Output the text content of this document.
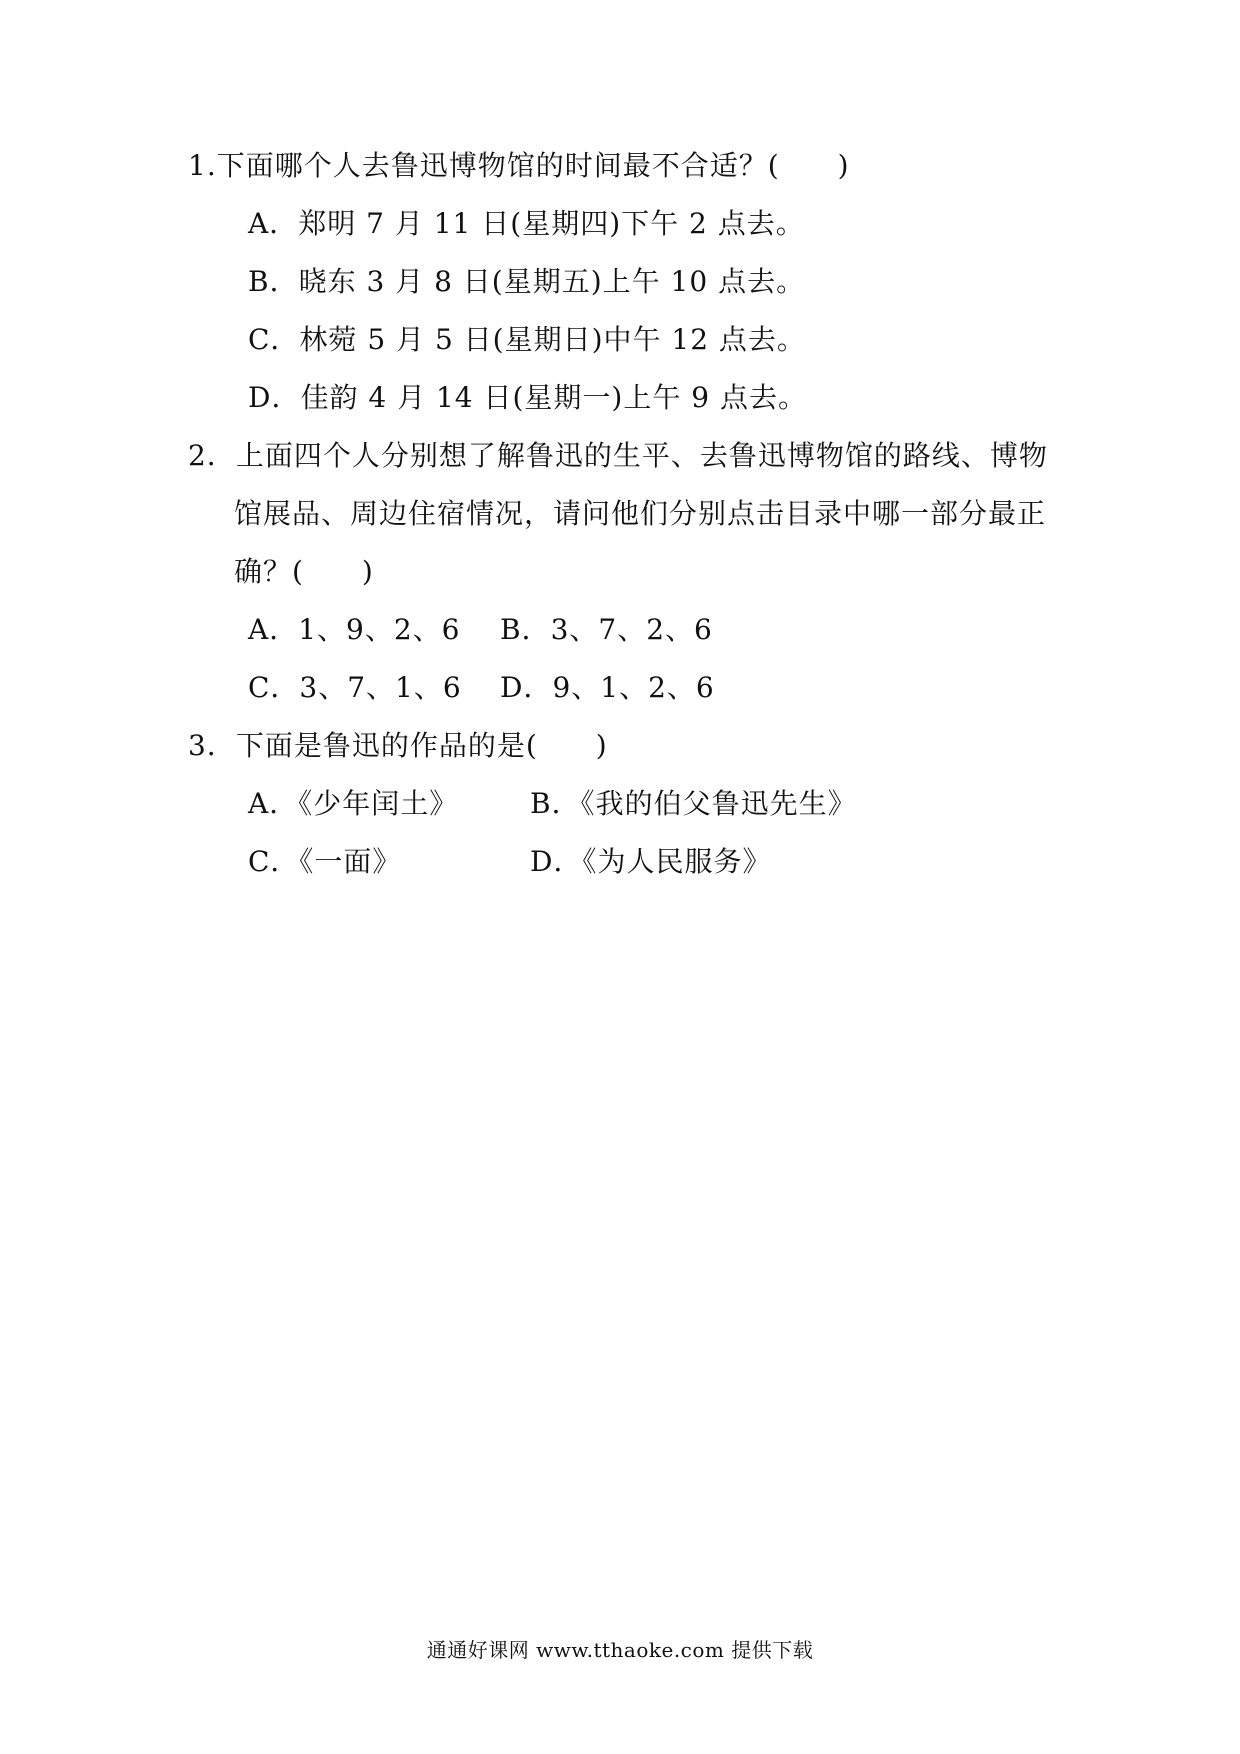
1.下面哪个人去鲁迅博物馆的时间最不合适？(　　)
A．郑明 7 月 11 日(星期四)下午 2 点去。
B．晓东 3 月 8 日(星期五)上午 10 点去。
C．林菀 5 月 5 日(星期日)中午 12 点去。
D．佳韵 4 月 14 日(星期一)上午 9 点去。
2．上面四个人分别想了解鲁迅的生平、去鲁迅博物馆的路线、博物
馆展品、周边住宿情况，请问他们分别点击目录中哪一部分最正
确？(　　)
A．1、9、2、6 B．3、7、2、6
C．3、7、1、6 D．9、1、2、6
3．下面是鲁迅的作品的是(　　)
A．《少年闰土》	B．《我的伯父鲁迅先生》
C．《一面》	D．《为人民服务》
通通好课网 www.tthaoke.com 提供下载
